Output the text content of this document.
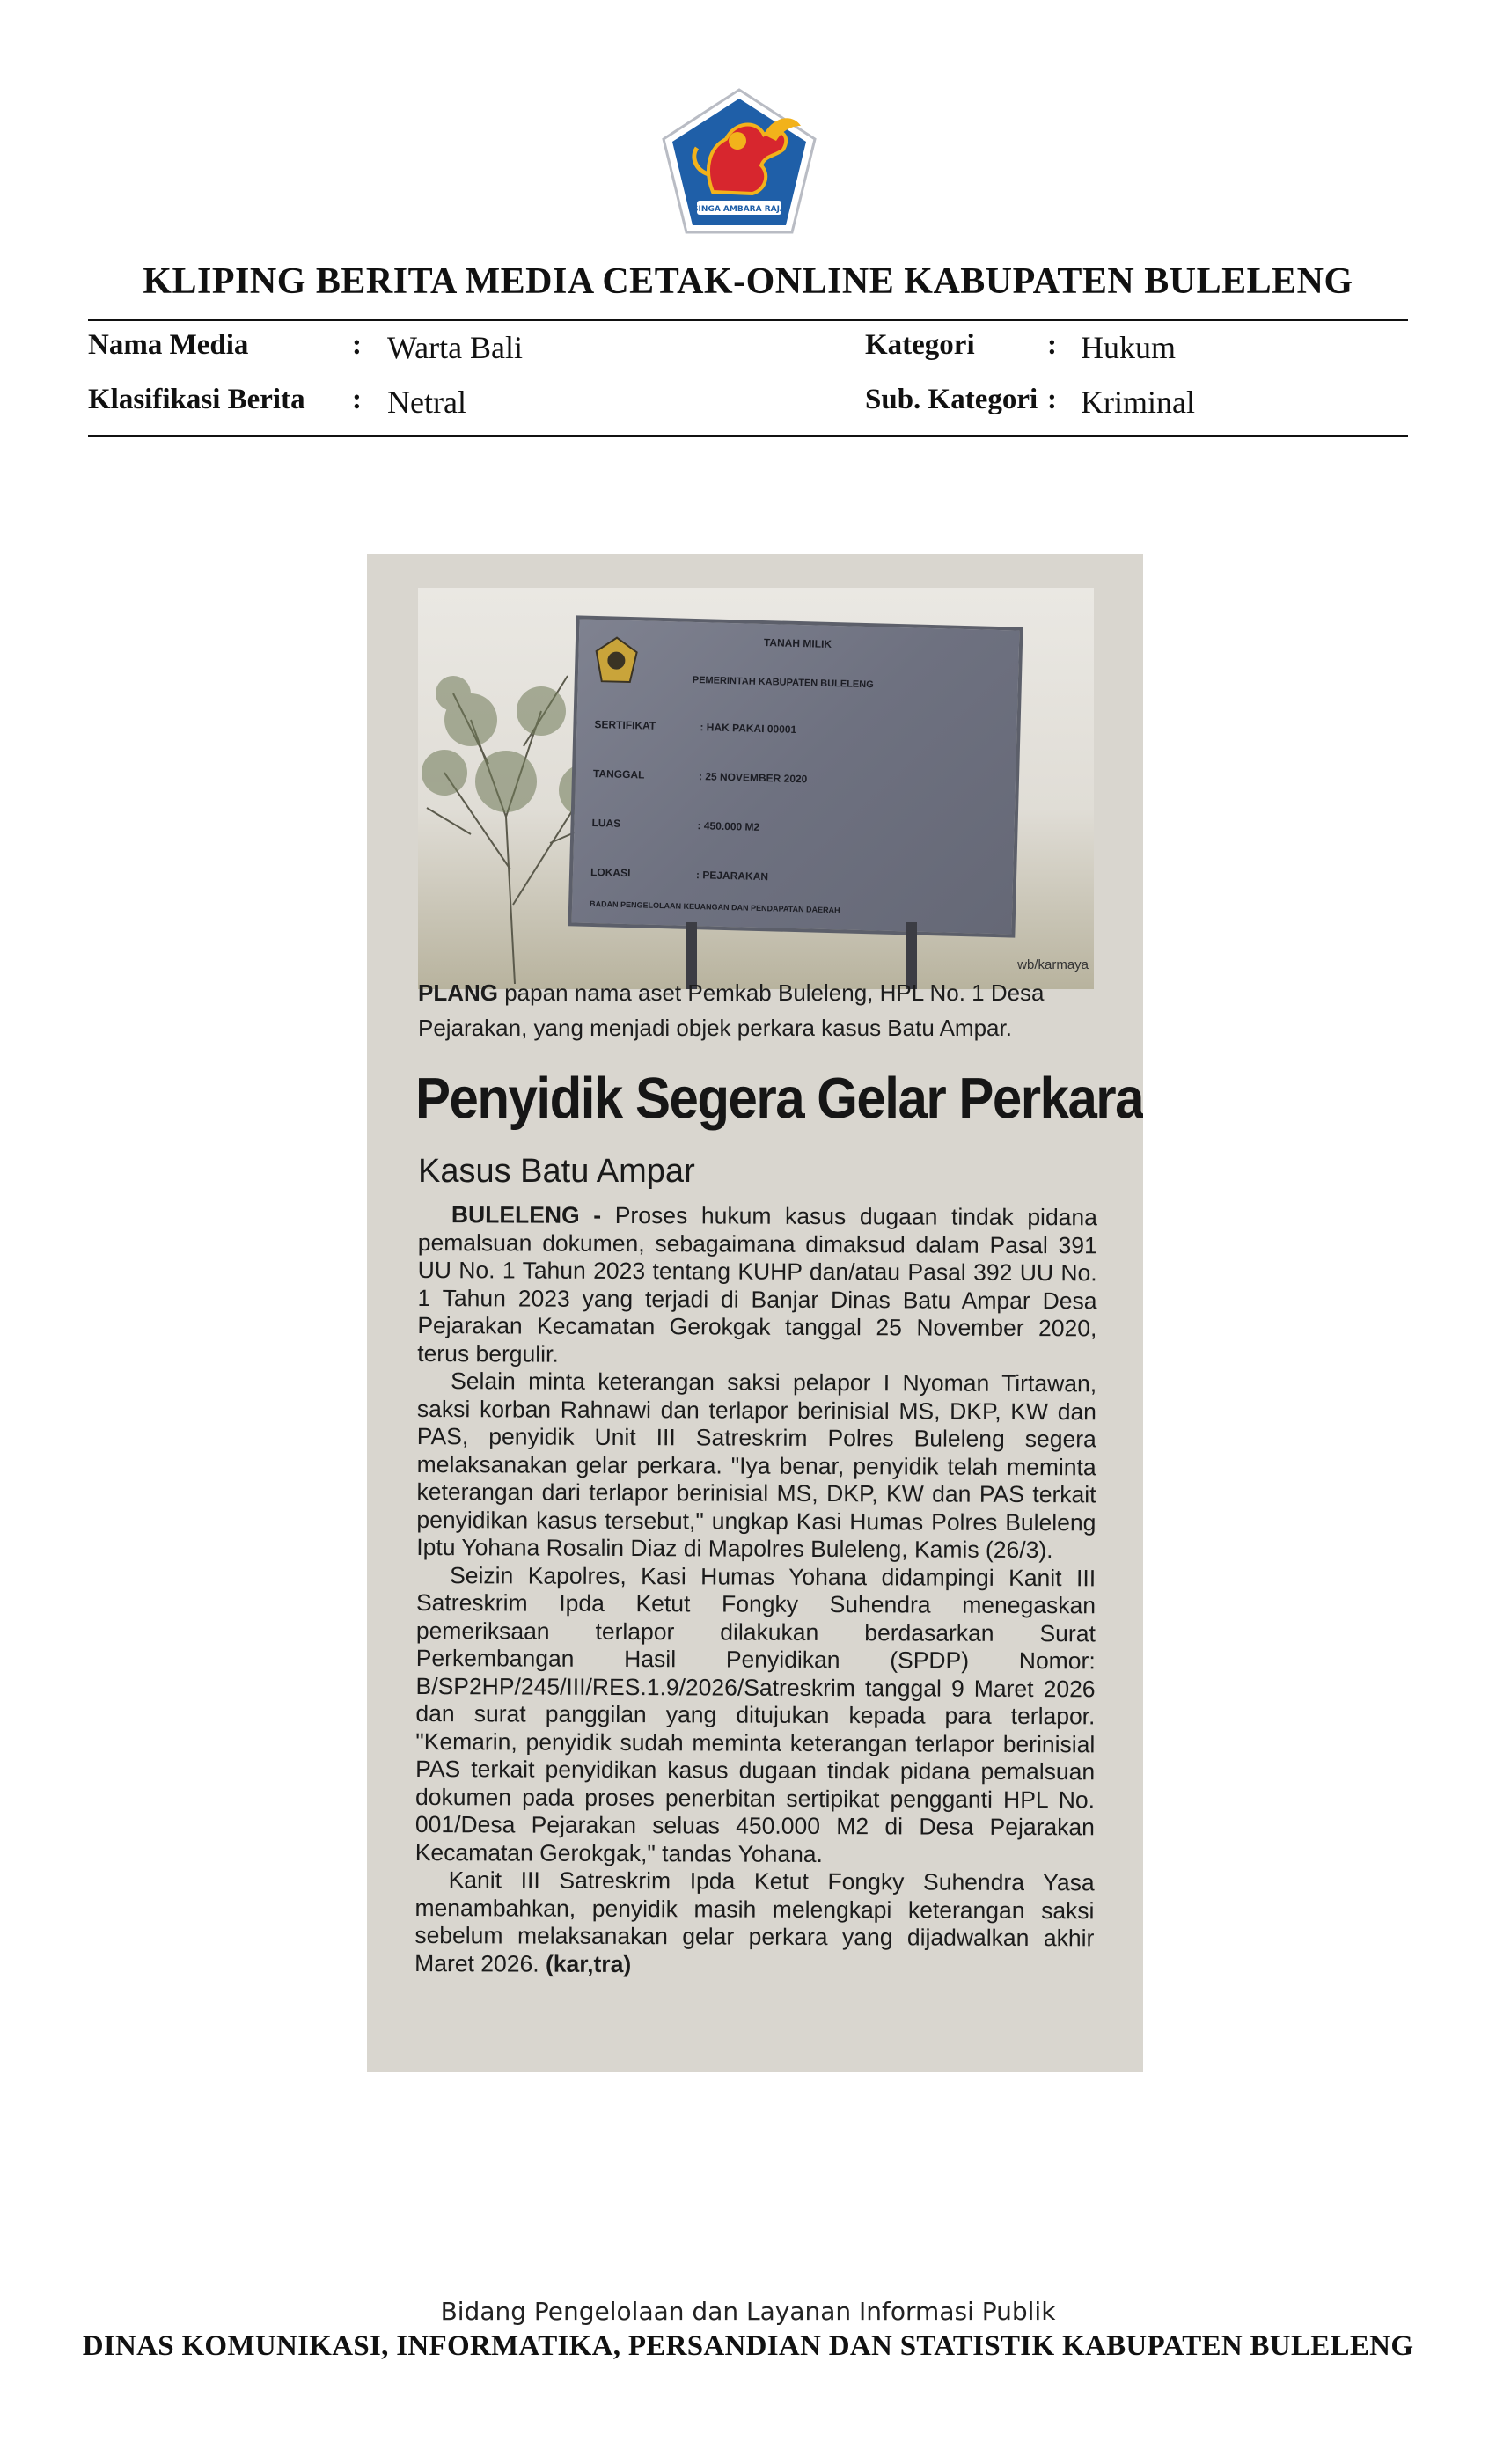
SINGA AMBARA RAJA
KLIPING BERITA MEDIA CETAK-ONLINE KABUPATEN BULELENG
Nama Media	: Warta Bali	Kategori : Hukum
Klasifikasi Berita : Netral	Sub. Kategori : Kriminal
TANAH MILIK
PEMERINTAH KABUPATEN BULELENG
SERTIFIKAT	: HAK PAKAI 00001
TANGGAL	: 25 NOVEMBER 2020
LUAS	: 450.000 M2
LOKASI	: PEJARAKAN
BADAN PENGELOLAAN KEUANGAN DAN PENDAPATAN DAERAH
wb/karmaya
PLANG papan nama aset Pemkab Buleleng, HPL No. 1 Desa Pejarakan, yang menjadi objek perkara kasus Batu Ampar.
Penyidik Segera Gelar Perkara
Kasus Batu Ampar

BULELENG - Proses hukum kasus dugaan tindak pidana pemalsuan dokumen, sebagaimana dimaksud dalam Pasal 391 UU No. 1 Tahun 2023 tentang KUHP dan/atau Pasal 392 UU No. 1 Tahun 2023 yang terjadi di Banjar Dinas Batu Ampar Desa Pejarakan Kecamatan Gerokgak tanggal 25 November 2020, terus bergulir.

Selain minta keterangan saksi pelapor I Nyoman Tirtawan, saksi korban Rahnawi dan terlapor berinisial MS, DKP, KW dan PAS, penyidik Unit III Satreskrim Polres Buleleng segera melaksanakan gelar perkara. "Iya benar, penyidik telah meminta keterangan dari terlapor berinisial MS, DKP, KW dan PAS terkait penyidikan kasus tersebut," ungkap Kasi Humas Polres Buleleng Iptu Yohana Rosalin Diaz di Mapolres Buleleng, Kamis (26/3).

Seizin Kapolres, Kasi Humas Yohana didampingi Kanit III Satreskrim Ipda Ketut Fongky Suhendra menegaskan pemeriksaan terlapor dilakukan berdasarkan Surat Perkembangan Hasil Penyidikan (SPDP) Nomor: B/SP2HP/245/III/RES.1.9/2026/Satreskrim tanggal 9 Maret 2026 dan surat panggilan yang ditujukan kepada para terlapor. "Kemarin, penyidik sudah meminta keterangan terlapor berinisial PAS terkait penyidikan kasus dugaan tindak pidana pemalsuan dokumen pada proses penerbitan sertipikat pengganti HPL No. 001/Desa Pejarakan seluas 450.000 M2 di Desa Pejarakan Kecamatan Gerokgak," tandas Yohana.

Kanit III Satreskrim Ipda Ketut Fongky Suhendra Yasa menambahkan, penyidik masih melengkapi keterangan saksi sebelum melaksanakan gelar perkara yang dijadwalkan akhir Maret 2026. (kar,tra)

Bidang Pengelolaan dan Layanan Informasi Publik
DINAS KOMUNIKASI, INFORMATIKA, PERSANDIAN DAN STATISTIK KABUPATEN BULELENG
